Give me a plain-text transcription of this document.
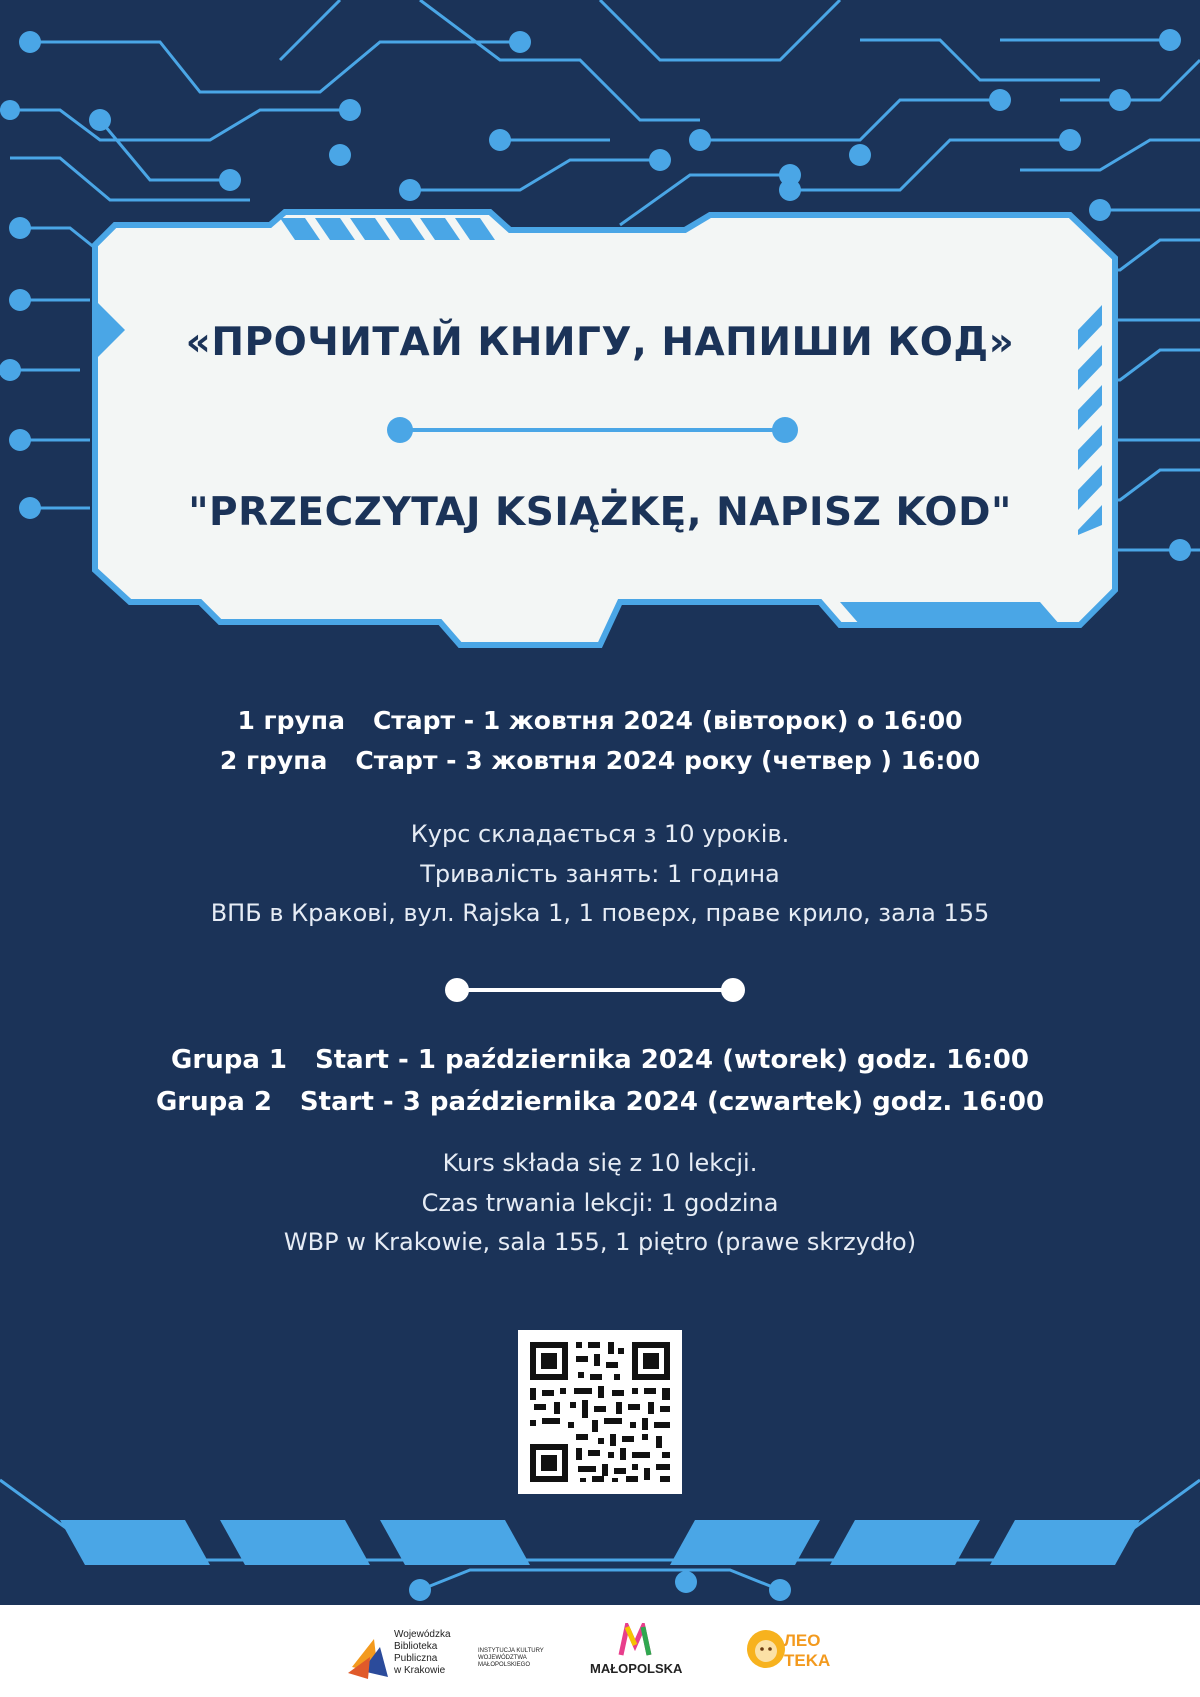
«ПРОЧИТАЙ КНИГУ, НАПИШИ КОД»
"PRZECZYTAJ KSIĄŻKĘ, NAPISZ KOD"
1 група Старт - 1 жовтня 2024 (вівторок) о 16:00
2 група Старт - 3 жовтня 2024 року (четвер ) 16:00
Курс складається з 10 уроків.
Тривалість занять: 1 година
ВПБ в Кракові, вул. Rajska 1, 1 поверх, праве крило, зала 155
Grupa 1 Start - 1 października 2024 (wtorek) godz. 16:00
Grupa 2 Start - 3 października 2024 (czwartek) godz. 16:00
Kurs składa się z 10 lekcji.
Czas trwania lekcji: 1 godzina
WBP w Krakowie, sala 155, 1 piętro (prawe skrzydło)
Wojewódzka
Biblioteka
Publiczna
w Krakowie
INSTYTUCJA KULTURY
WOJEWÓDZTWA
MAŁOPOLSKIEGO	MAŁOPOLSKA
ЛЕО
TEKA
